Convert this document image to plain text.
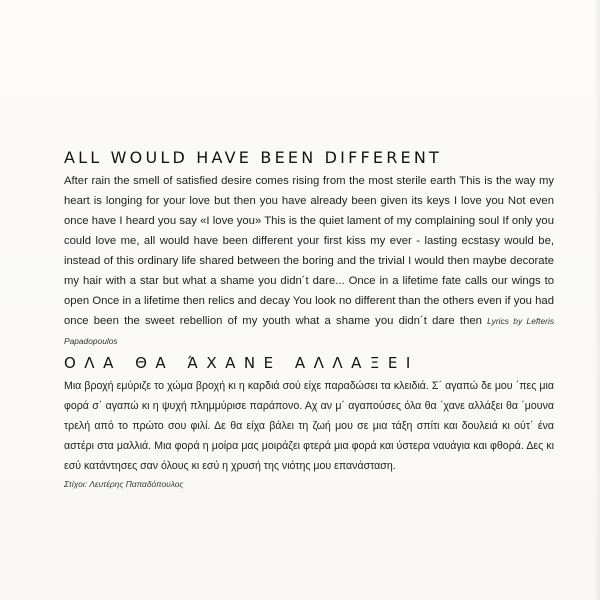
ALL WOULD HAVE BEEN DIFFERENT

After rain the smell of satisfied desire comes rising from the most sterile earth This is the way my heart is longing for your love but then you have already been given its keys I love you Not even once have I heard you say «I love you» This is the quiet lament of my complaining soul If only you could love me, all would have been different your first kiss my ever - lasting ecstasy would be, instead of this ordinary life shared between the boring and the trivial I would then maybe decorate my hair with a star but what a shame you didn´t dare... Once in a lifetime fate calls our wings to open Once in a lifetime then relics and decay You look no different than the others even if you had once been the sweet rebellion of my youth what a shame you didn´t dare then Lyrics by Lefteris Papadopoulos

ΟΛΑ ΘΑ ΆΧΑΝΕ ΑΛΛΑΞΕΙ

Μια βροχή εμύριζε το χώμα βροχή κι η καρδιά σού είχε παραδώσει τα κλειδιά. Σ΄ αγαπώ δε μου ΄πες μια φορά σ΄ αγαπώ κι η ψυχή πλημμύρισε παράπονο. Αχ αν μ΄ αγαπούσες όλα θα ΄χανε αλλάξει θα ΄μουνα τρελή από το πρώτο σου φιλί. Δε θα είχα βάλει τη ζωή μου σε μια τάξη σπίτι και δουλειά κι ούτ΄ ένα αστέρι στα μαλλιά. Μια φορά η μοίρα μας μοιράζει φτερά μια φορά και ύστερα ναυάγια και φθορά. Δες κι εσύ κατάντησες σαν όλους κι εσύ η χρυσή της νιότης μου επανάσταση.

Στίχοι: Λευτέρης Παπαδόπουλος
